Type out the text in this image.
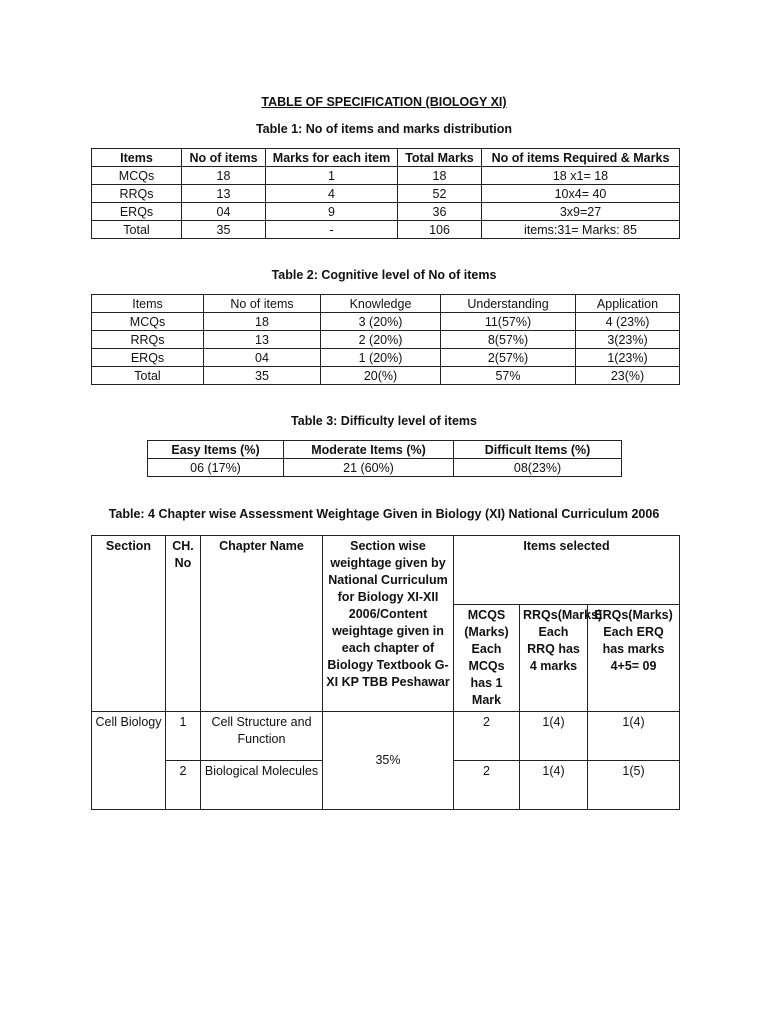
TABLE OF SPECIFICATION (BIOLOGY XI)
Table 1: No of items and marks distribution
Items	No of items	Marks for each item	Total Marks	No of items Required & Marks
MCQs	18	1	18	18 x1= 18
RRQs	13	4	52	10x4= 40
ERQs	04	9	36	3x9=27
Total	35	-	106	items:31= Marks: 85
Table 2: Cognitive level of No of items
Items	No of items	Knowledge	Understanding	Application
MCQs	18	3 (20%)	11(57%)	4 (23%)
RRQs	13	2 (20%)	8(57%)	3(23%)
ERQs	04	1 (20%)	2(57%)	1(23%)
Total	35	20(%)	57%	23(%)
Table 3: Difficulty level of items
Easy Items (%)	Moderate Items (%)	Difficult Items (%)
06 (17%)	21 (60%)	08(23%)
Table: 4 Chapter wise Assessment Weightage Given in Biology (XI) National Curriculum 2006
Section	CH. No	Chapter Name	Section wise weightage given by National Curriculum for Biology XI-XII 2006/Content weightage given in each chapter of Biology Textbook G-XI KP TBB Peshawar	Items selected		
				MCQS (Marks) Each MCQs has 1 Mark	RRQs(Marks) Each RRQ has 4 marks	ERQs(Marks) Each ERQ has marks 4+5= 09
Cell Biology	1	Cell Structure and Function	35%	2	1(4)	1(4)
	2	Biological Molecules		2	1(4)	1(5)
